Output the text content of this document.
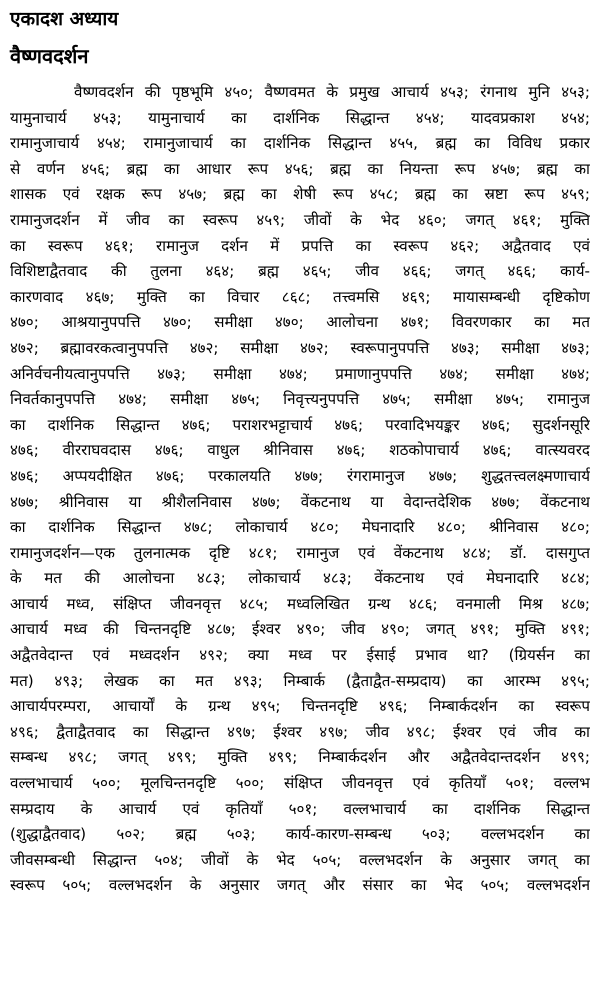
एकादश अध्याय
वैष्णवदर्शन
वैष्णवदर्शन की पृष्ठभूमि ४५०; वैष्णवमत के प्रमुख आचार्य ४५३; रंगनाथ मुनि ४५३;
यामुनाचार्य ४५३; यामुनाचार्य का दार्शनिक सिद्धान्त ४५४; यादवप्रकाश ४५४;
रामानुजाचार्य ४५४; रामानुजाचार्य का दार्शनिक सिद्धान्त ४५५, ब्रह्म का विविध प्रकार
से वर्णन ४५६; ब्रह्म का आधार रूप ४५६; ब्रह्म का नियन्ता रूप ४५७; ब्रह्म का
शासक एवं रक्षक रूप ४५७; ब्रह्म का शेषी रूप ४५८; ब्रह्म का स्रष्टा रूप ४५९;
रामानुजदर्शन में जीव का स्वरूप ४५९; जीवों के भेद ४६०; जगत् ४६१; मुक्ति
का स्वरूप ४६१; रामानुज दर्शन में प्रपत्ति का स्वरूप ४६२; अद्वैतवाद एवं
विशिष्टाद्वैतवाद की तुलना ४६४; ब्रह्म ४६५; जीव ४६६; जगत् ४६६; कार्य-
कारणवाद ४६७; मुक्ति का विचार ८६८; तत्त्वमसि ४६९; मायासम्बन्धी दृष्टिकोण
४७०; आश्रयानुपपत्ति ४७०; समीक्षा ४७०; आलोचना ४७१; विवरणकार का मत
४७२; ब्रह्मावरकत्वानुपपत्ति ४७२; समीक्षा ४७२; स्वरूपानुपपत्ति ४७३; समीक्षा ४७३;
अनिर्वचनीयत्वानुपपत्ति ४७३; समीक्षा ४७४; प्रमाणानुपपत्ति ४७४; समीक्षा ४७४;
निवर्तकानुपपत्ति ४७४; समीक्षा ४७५; निवृत्त्यनुपपत्ति ४७५; समीक्षा ४७५; रामानुज
का दार्शनिक सिद्धान्त ४७६; पराशरभट्टाचार्य ४७६; परवादिभयङ्कर ४७६; सुदर्शनसूरि
४७६; वीरराघवदास ४७६; वाधुल श्रीनिवास ४७६; शठकोपाचार्य ४७६; वात्स्यवरद
४७६; अप्पयदीक्षित ४७६; परकालयति ४७७; रंगरामानुज ४७७; शुद्धतत्त्वलक्ष्मणाचार्य
४७७; श्रीनिवास या श्रीशैलनिवास ४७७; वेंकटनाथ या वेदान्तदेशिक ४७७; वेंकटनाथ
का दार्शनिक सिद्धान्त ४७८; लोकाचार्य ४८०; मेघनादारि ४८०; श्रीनिवास ४८०;
रामानुजदर्शन—एक तुलनात्मक दृष्टि ४८१; रामानुज एवं वेंकटनाथ ४८४; डॉ. दासगुप्त
के मत की आलोचना ४८३; लोकाचार्य ४८३; वेंकटनाथ एवं मेघनादारि ४८४;
आचार्य मध्व, संक्षिप्त जीवनवृत्त ४८५; मध्वलिखित ग्रन्थ ४८६; वनमाली मिश्र ४८७;
आचार्य मध्व की चिन्तनदृष्टि ४८७; ईश्वर ४९०; जीव ४९०; जगत् ४९१; मुक्ति ४९१;
अद्वैतवेदान्त एवं मध्वदर्शन ४९२; क्या मध्व पर ईसाई प्रभाव था? (ग्रियर्सन का
मत) ४९३; लेखक का मत ४९३; निम्बार्क (द्वैताद्वैत-सम्प्रदाय) का आरम्भ ४९५;
आचार्यपरम्परा, आचार्यों के ग्रन्थ ४९५; चिन्तनदृष्टि ४९६; निम्बार्कदर्शन का स्वरूप
४९६; द्वैताद्वैतवाद का सिद्धान्त ४९७; ईश्वर ४९७; जीव ४९८; ईश्वर एवं जीव का
सम्बन्ध ४९८; जगत् ४९९; मुक्ति ४९९; निम्बार्कदर्शन और अद्वैतवेदान्तदर्शन ४९९;
वल्लभाचार्य ५००; मूलचिन्तनदृष्टि ५००; संक्षिप्त जीवनवृत्त एवं कृतियाँ ५०१; वल्लभ
सम्प्रदाय के आचार्य एवं कृतियाँ ५०१; वल्लभाचार्य का दार्शनिक सिद्धान्त
(शुद्धाद्वैतवाद) ५०२; ब्रह्म ५०३; कार्य-कारण-सम्बन्ध ५०३; वल्लभदर्शन का
जीवसम्बन्धी सिद्धान्त ५०४; जीवों के भेद ५०५; वल्लभदर्शन के अनुसार जगत् का
स्वरूप ५०५; वल्लभदर्शन के अनुसार जगत् और संसार का भेद ५०५; वल्लभदर्शन
